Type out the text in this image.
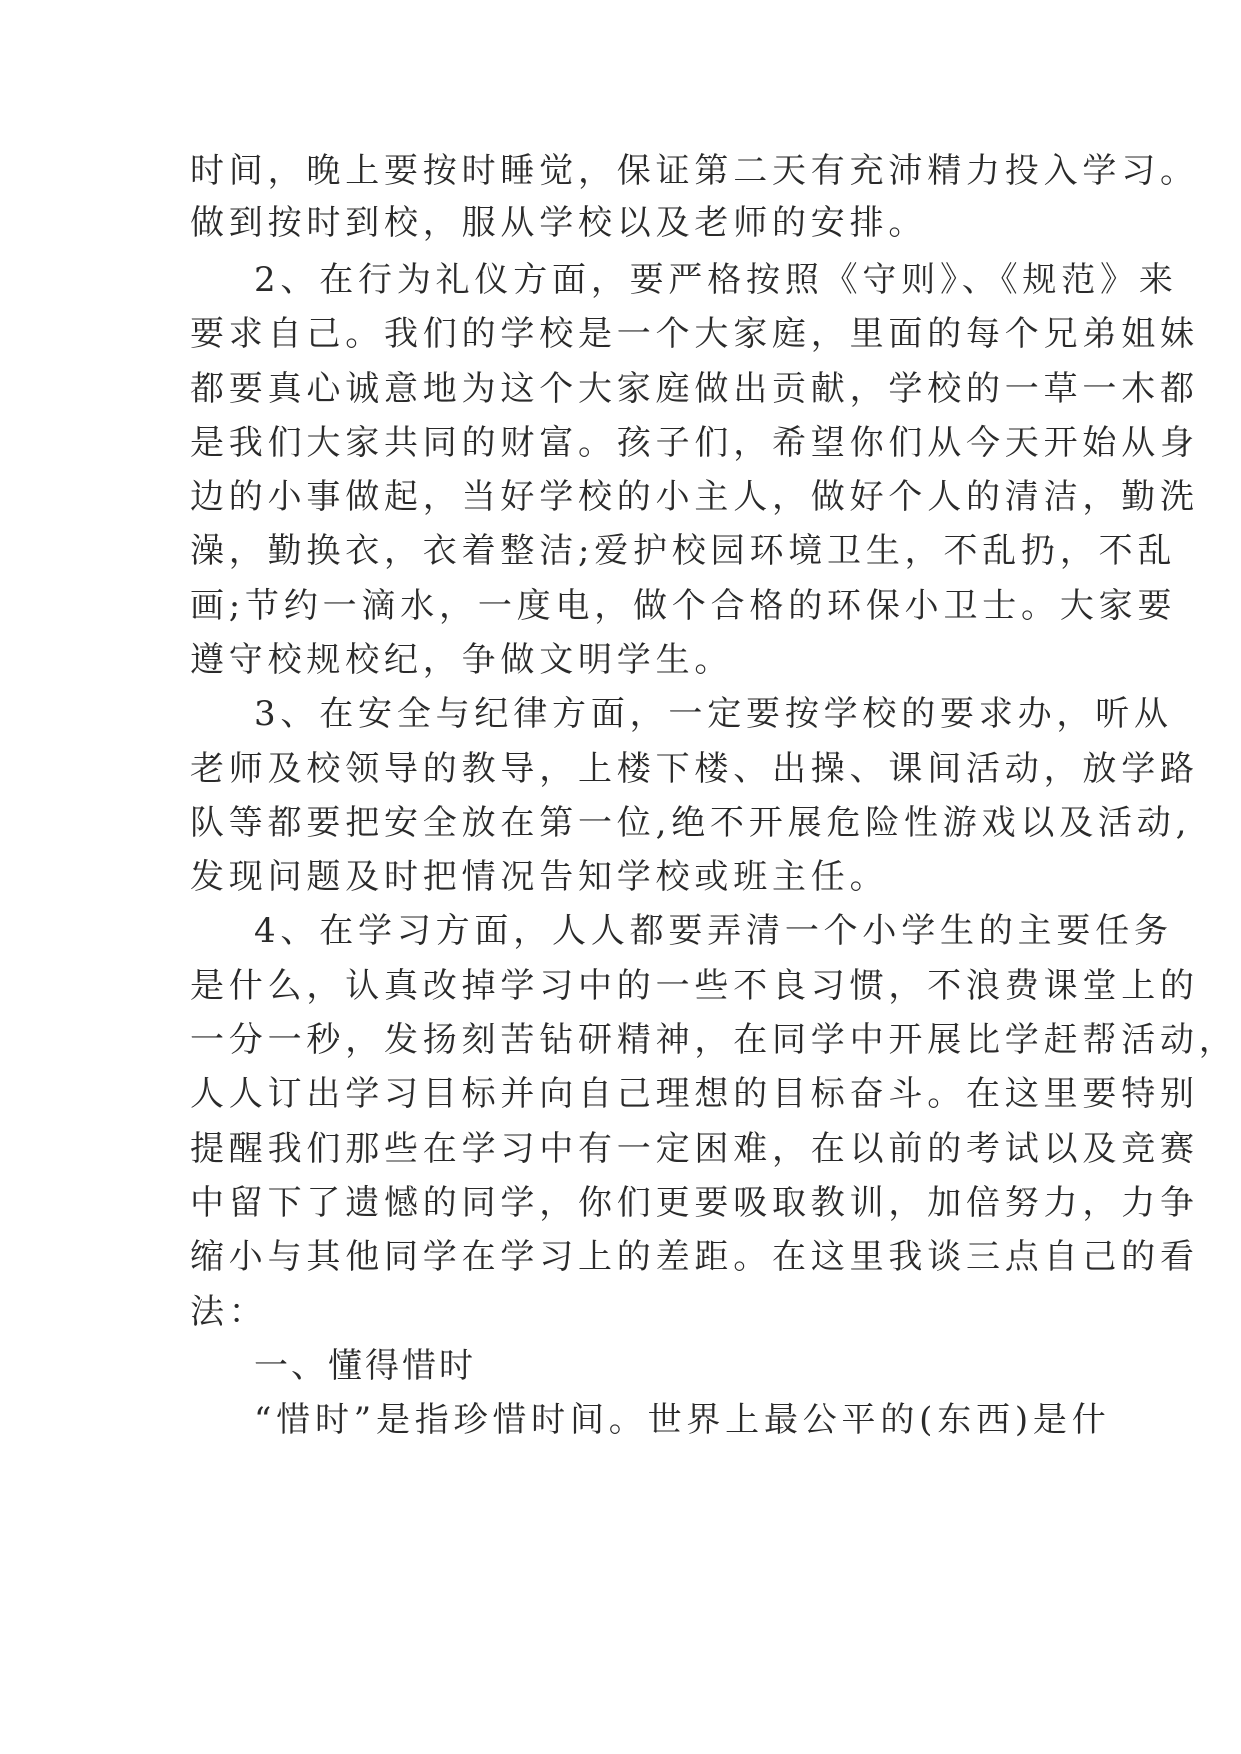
时间，晚上要按时睡觉，保证第二天有充沛精力投入学习。
做到按时到校，服从学校以及老师的安排。
2、在行为礼仪方面，要严格按照《守则》、《规范》来
要求自己。我们的学校是一个大家庭，里面的每个兄弟姐妹
都要真心诚意地为这个大家庭做出贡献，学校的一草一木都
是我们大家共同的财富。孩子们，希望你们从今天开始从身
边的小事做起，当好学校的小主人，做好个人的清洁，勤洗
澡，勤换衣，衣着整洁;爱护校园环境卫生，不乱扔，不乱
画;节约一滴水，一度电，做个合格的环保小卫士。大家要
遵守校规校纪，争做文明学生。
3、在安全与纪律方面，一定要按学校的要求办，听从
老师及校领导的教导，上楼下楼、出操、课间活动，放学路
队等都要把安全放在第一位,绝不开展危险性游戏以及活动,
发现问题及时把情况告知学校或班主任。
4、在学习方面，人人都要弄清一个小学生的主要任务
是什么，认真改掉学习中的一些不良习惯，不浪费课堂上的
一分一秒，发扬刻苦钻研精神，在同学中开展比学赶帮活动，
人人订出学习目标并向自己理想的目标奋斗。在这里要特别
提醒我们那些在学习中有一定困难，在以前的考试以及竞赛
中留下了遗憾的同学，你们更要吸取教训，加倍努力，力争
缩小与其他同学在学习上的差距。在这里我谈三点自己的看
法：
一、懂得惜时
“惜时”是指珍惜时间。世界上最公平的(东西)是什
